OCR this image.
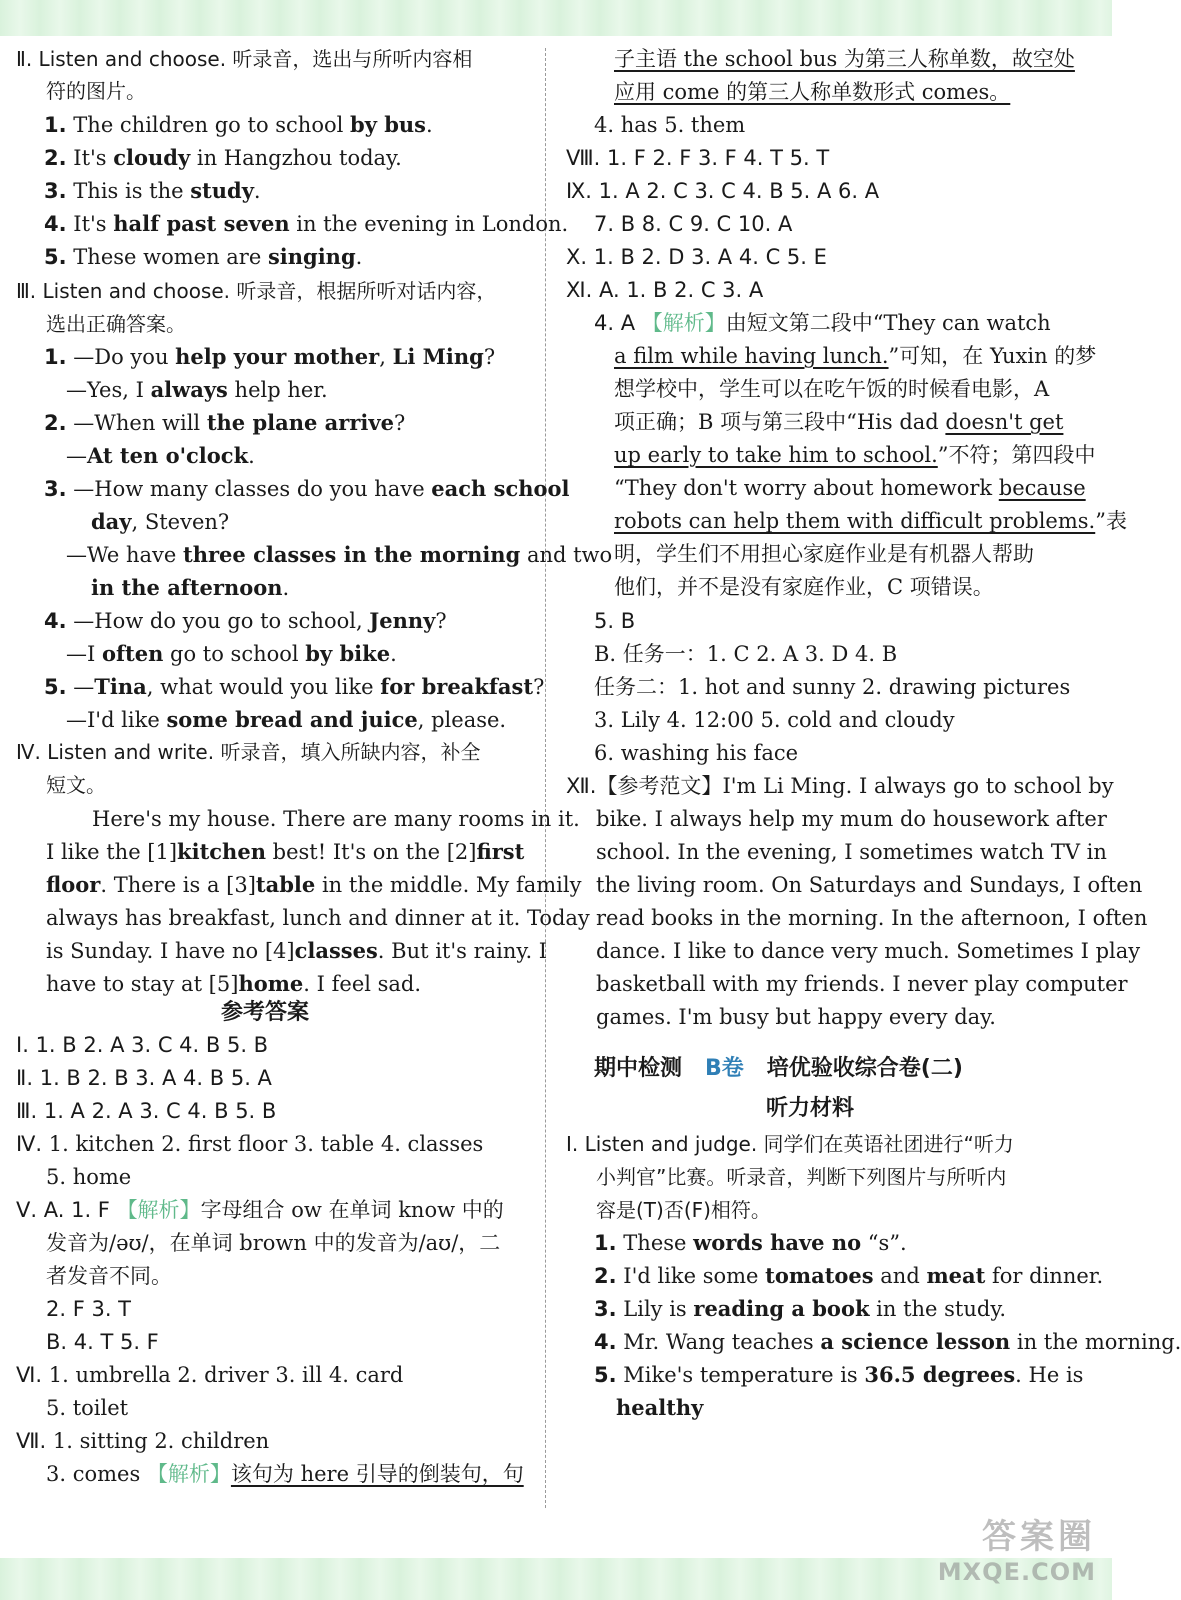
Ⅱ. Listen and choose. 听录音，选出与所听内容相
符的图片。
1. The children go to school by bus.
2. It's cloudy in Hangzhou today.
3. This is the study.
4. It's half past seven in the evening in London.
5. These women are singing.
Ⅲ. Listen and choose. 听录音，根据所听对话内容，
选出正确答案。
1. —Do you help your mother, Li Ming?
—Yes, I always help her.
2. —When will the plane arrive?
—At ten o'clock.
3. —How many classes do you have each school
day, Steven?
—We have three classes in the morning and two
in the afternoon.
4. —How do you go to school, Jenny?
—I often go to school by bike.
5. —Tina, what would you like for breakfast?
—I'd like some bread and juice, please.
Ⅳ. Listen and write. 听录音，填入所缺内容，补全
短文。
Here's my house. There are many rooms in it.
I like the [1]kitchen best! It's on the [2]first
floor. There is a [3]table in the middle. My family
always has breakfast, lunch and dinner at it. Today
is Sunday. I have no [4]classes. But it's rainy. I
have to stay at [5]home. I feel sad.
参考答案
Ⅰ. 1. B 2. A 3. C 4. B 5. B
Ⅱ. 1. B 2. B 3. A 4. B 5. A
Ⅲ. 1. A 2. A 3. C 4. B 5. B
Ⅳ. 1. kitchen 2. first floor 3. table 4. classes
5. home
Ⅴ. A. 1. F 【解析】字母组合 ow 在单词 know 中的
发音为/əʊ/，在单词 brown 中的发音为/aʊ/，二
者发音不同。
2. F 3. T
B. 4. T 5. F
Ⅵ. 1. umbrella 2. driver 3. ill 4. card
5. toilet
Ⅶ. 1. sitting 2. children
3. comes 【解析】该句为 here 引导的倒装句，句
子主语 the school bus 为第三人称单数，故空处
应用 come 的第三人称单数形式 comes。
4. has 5. them
Ⅷ. 1. F 2. F 3. F 4. T 5. T
Ⅸ. 1. A 2. C 3. C 4. B 5. A 6. A
7. B 8. C 9. C 10. A
Ⅹ. 1. B 2. D 3. A 4. C 5. E
Ⅺ. A. 1. B 2. C 3. A
4. A 【解析】由短文第二段中“They can watch
a film while having lunch.”可知，在 Yuxin 的梦
想学校中，学生可以在吃午饭的时候看电影，A
项正确；B 项与第三段中“His dad doesn't get
up early to take him to school.”不符；第四段中
“They don't worry about homework because
robots can help them with difficult problems.”表
明，学生们不用担心家庭作业是有机器人帮助
他们，并不是没有家庭作业，C 项错误。
5. B
B. 任务一：1. C 2. A 3. D 4. B
任务二：1. hot and sunny 2. drawing pictures
3. Lily 4. 12:00 5. cold and cloudy
6. washing his face
Ⅻ.【参考范文】I'm Li Ming. I always go to school by
bike. I always help my mum do housework after
school. In the evening, I sometimes watch TV in
the living room. On Saturdays and Sundays, I often
read books in the morning. In the afternoon, I often
dance. I like to dance very much. Sometimes I play
basketball with my friends. I never play computer
games. I'm busy but happy every day.
期中检测 B卷 培优验收综合卷(二)
听力材料
Ⅰ. Listen and judge. 同学们在英语社团进行“听力
小判官”比赛。听录音，判断下列图片与所听内
容是(T)否(F)相符。
1. These words have no “s”.
2. I'd like some tomatoes and meat for dinner.
3. Lily is reading a book in the study.
4. Mr. Wang teaches a science lesson in the morning.
5. Mike's temperature is 36.5 degrees. He is
healthy
答案圈
MXQE.COM
